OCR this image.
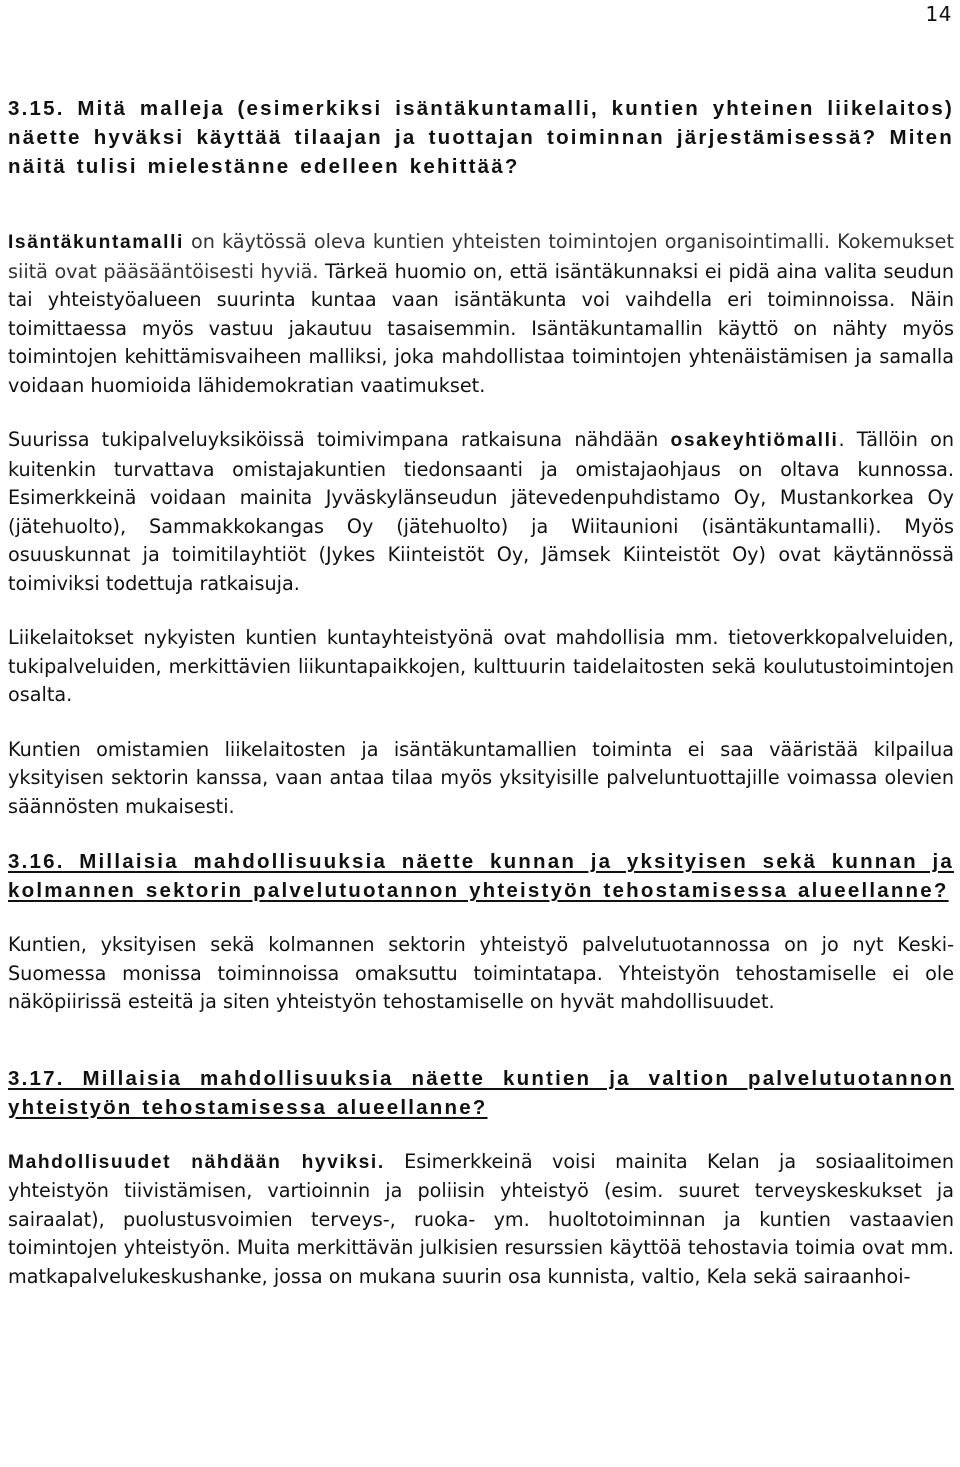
14

3.15. Mitä malleja (esimerkiksi isäntäkuntamalli, kuntien yhteinen liikelaitos) näette hyväksi käyttää tilaajan ja tuottajan toiminnan järjestämisessä? Miten näitä tulisi mielestänne edelleen kehittää?

Isäntäkuntamalli on käytössä oleva kuntien yhteisten toimintojen organisointimalli. Kokemukset siitä ovat pääsääntöisesti hyviä. Tärkeä huomio on, että isäntäkunnaksi ei pidä aina valita seudun tai yhteistyöalueen suurinta kuntaa vaan isäntäkunta voi vaihdella eri toiminnoissa. Näin toimittaessa myös vastuu jakautuu tasaisemmin. Isäntäkuntamallin käyttö on nähty myös toimintojen kehittämisvaiheen malliksi, joka mahdollistaa toimintojen yhtenäistämisen ja samalla voidaan huomioida lähidemokratian vaatimukset.

Suurissa tukipalveluyksiköissä toimivimpana ratkaisuna nähdään osakeyhtiömalli. Tällöin on kuitenkin turvattava omistajakuntien tiedonsaanti ja omistajaohjaus on oltava kunnossa. Esimerkkeinä voidaan mainita Jyväskylänseudun jätevedenpuhdistamo Oy, Mustankorkea Oy (jätehuolto), Sammakkokangas Oy (jätehuolto) ja Wiitaunioni (isäntäkuntamalli). Myös osuuskunnat ja toimitilayhtiöt (Jykes Kiinteistöt Oy, Jämsek Kiinteistöt Oy) ovat käytännössä toimiviksi todettuja ratkaisuja.

Liikelaitokset nykyisten kuntien kuntayhteistyönä ovat mahdollisia mm. tietoverkkopalveluiden, tukipalveluiden, merkittävien liikuntapaikkojen, kulttuurin taidelaitosten sekä koulutustoimintojen osalta.

Kuntien omistamien liikelaitosten ja isäntäkuntamallien toiminta ei saa vääristää kilpailua yksityisen sektorin kanssa, vaan antaa tilaa myös yksityisille palveluntuottajille voimassa olevien säännösten mukaisesti.

3.16. Millaisia mahdollisuuksia näette kunnan ja yksityisen sekä kunnan ja kolmannen sektorin palvelutuotannon yhteistyön tehostamisessa alueellanne?

Kuntien, yksityisen sekä kolmannen sektorin yhteistyö palvelutuotannossa on jo nyt Keski-Suomessa monissa toiminnoissa omaksuttu toimintatapa. Yhteistyön tehostamiselle ei ole näköpiirissä esteitä ja siten yhteistyön tehostamiselle on hyvät mahdollisuudet.

3.17. Millaisia mahdollisuuksia näette kuntien ja valtion palvelutuotannon yhteistyön tehostamisessa alueellanne?

Mahdollisuudet nähdään hyviksi. Esimerkkeinä voisi mainita Kelan ja sosiaalitoimen yhteistyön tiivistämisen, vartioinnin ja poliisin yhteistyö (esim. suuret terveyskeskukset ja sairaalat), puolustusvoimien terveys-, ruoka- ym. huoltotoiminnan ja kuntien vastaavien toimintojen yhteistyön. Muita merkittävän julkisien resurssien käyttöä tehostavia toimia ovat mm. matkapalvelukeskushanke, jossa on mukana suurin osa kunnista, valtio, Kela sekä sairaanhoi-
